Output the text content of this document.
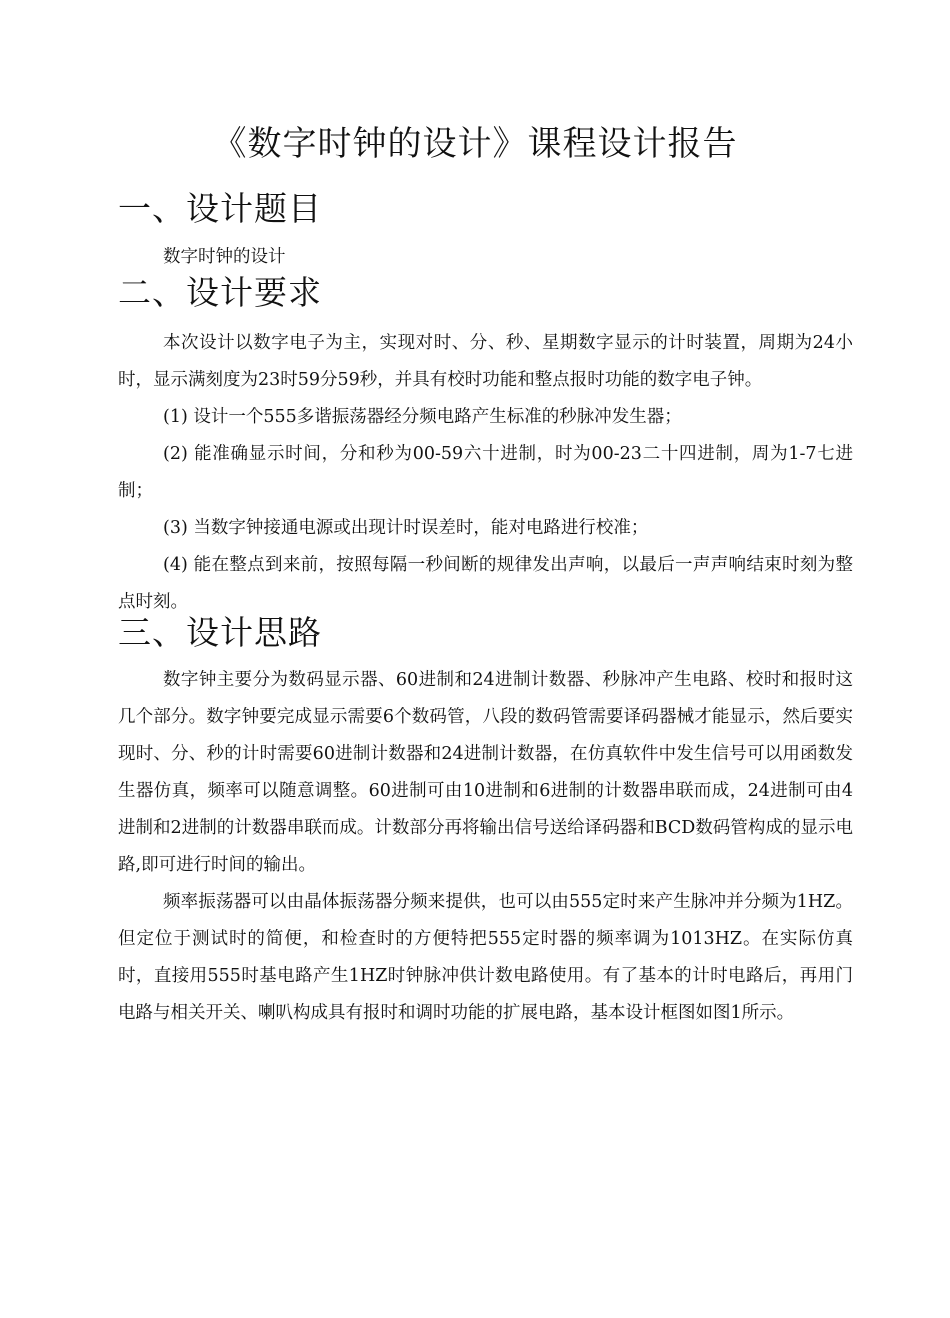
《数字时钟的设计》课程设计报告
一、设计题目
数字时钟的设计
二、设计要求
本次设计以数字电子为主，实现对时、分、秒、星期数字显示的计时装置，周期为24小时，显示满刻度为23时59分59秒，并具有校时功能和整点报时功能的数字电子钟。
(1) 设计一个555多谐振荡器经分频电路产生标准的秒脉冲发生器；
(2) 能准确显示时间，分和秒为00-59六十进制，时为00-23二十四进制，周为1-7七进制；
(3) 当数字钟接通电源或出现计时误差时，能对电路进行校准；
(4) 能在整点到来前，按照每隔一秒间断的规律发出声响，以最后一声声响结束时刻为整点时刻。
三、设计思路
数字钟主要分为数码显示器、60进制和24进制计数器、秒脉冲产生电路、校时和报时这几个部分。数字钟要完成显示需要6个数码管，八段的数码管需要译码器械才能显示，然后要实现时、分、秒的计时需要60进制计数器和24进制计数器，在仿真软件中发生信号可以用函数发生器仿真，频率可以随意调整。60进制可由10进制和6进制的计数器串联而成，24进制可由4进制和2进制的计数器串联而成。计数部分再将输出信号送给译码器和BCD数码管构成的显示电路,即可进行时间的输出。
频率振荡器可以由晶体振荡器分频来提供，也可以由555定时来产生脉冲并分频为1HZ。但定位于测试时的简便，和检查时的方便特把555定时器的频率调为1013HZ。在实际仿真时，直接用555时基电路产生1HZ时钟脉冲供计数电路使用。有了基本的计时电路后，再用门电路与相关开关、喇叭构成具有报时和调时功能的扩展电路，基本设计框图如图1所示。
